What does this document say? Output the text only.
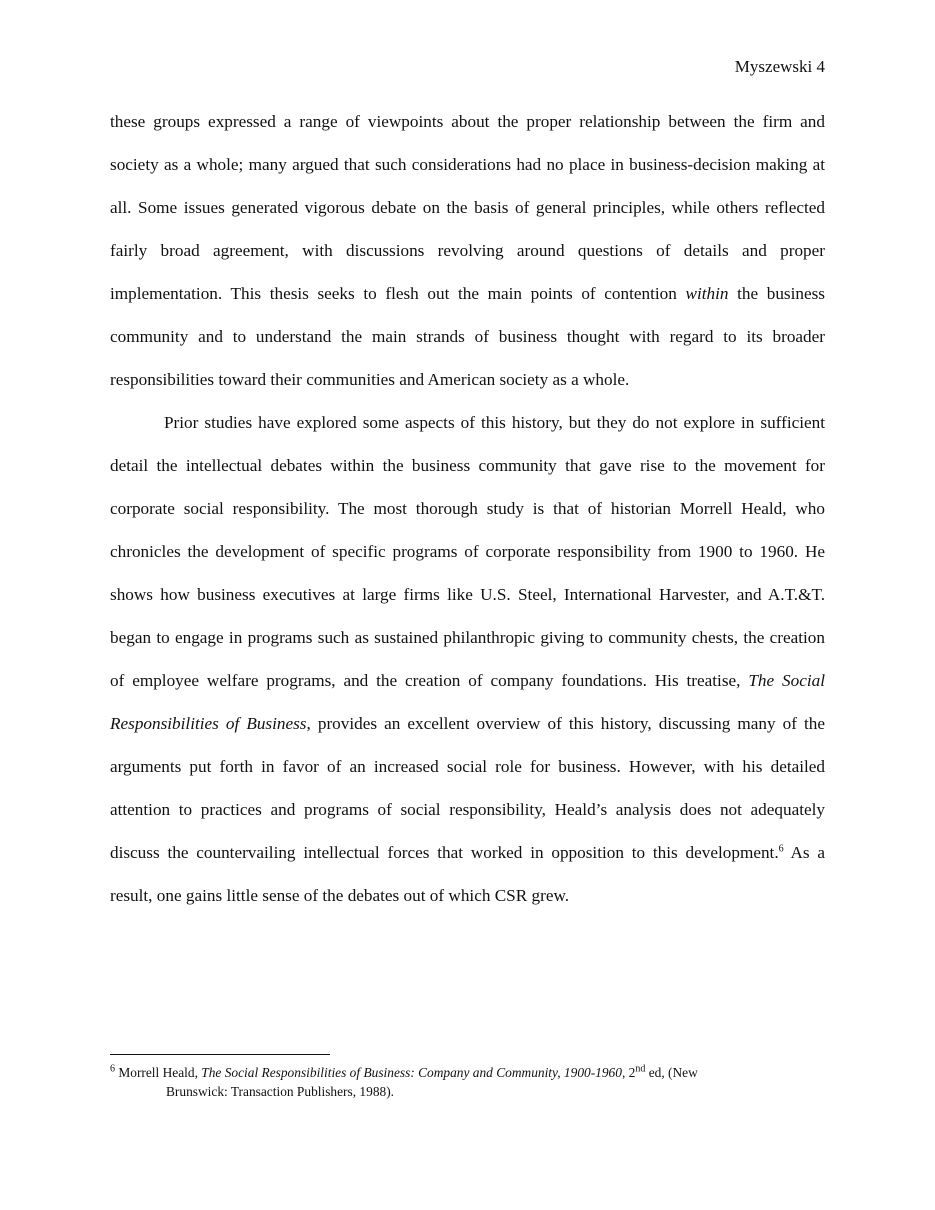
Myszewski 4

these groups expressed a range of viewpoints about the proper relationship between the firm and society as a whole; many argued that such considerations had no place in business-decision making at all. Some issues generated vigorous debate on the basis of general principles, while others reflected fairly broad agreement, with discussions revolving around questions of details and proper implementation. This thesis seeks to flesh out the main points of contention within the business community and to understand the main strands of business thought with regard to its broader responsibilities toward their communities and American society as a whole.

Prior studies have explored some aspects of this history, but they do not explore in sufficient detail the intellectual debates within the business community that gave rise to the movement for corporate social responsibility. The most thorough study is that of historian Morrell Heald, who chronicles the development of specific programs of corporate responsibility from 1900 to 1960. He shows how business executives at large firms like U.S. Steel, International Harvester, and A.T.&T. began to engage in programs such as sustained philanthropic giving to community chests, the creation of employee welfare programs, and the creation of company foundations. His treatise, The Social Responsibilities of Business, provides an excellent overview of this history, discussing many of the arguments put forth in favor of an increased social role for business. However, with his detailed attention to practices and programs of social responsibility, Heald’s analysis does not adequately discuss the countervailing intellectual forces that worked in opposition to this development.$^6$ As a result, one gains little sense of the debates out of which CSR grew.

$^6$ Morrell Heald, The Social Responsibilities of Business: Company and Community, 1900-1960, 2nd ed, (New
Brunswick: Transaction Publishers, 1988).
